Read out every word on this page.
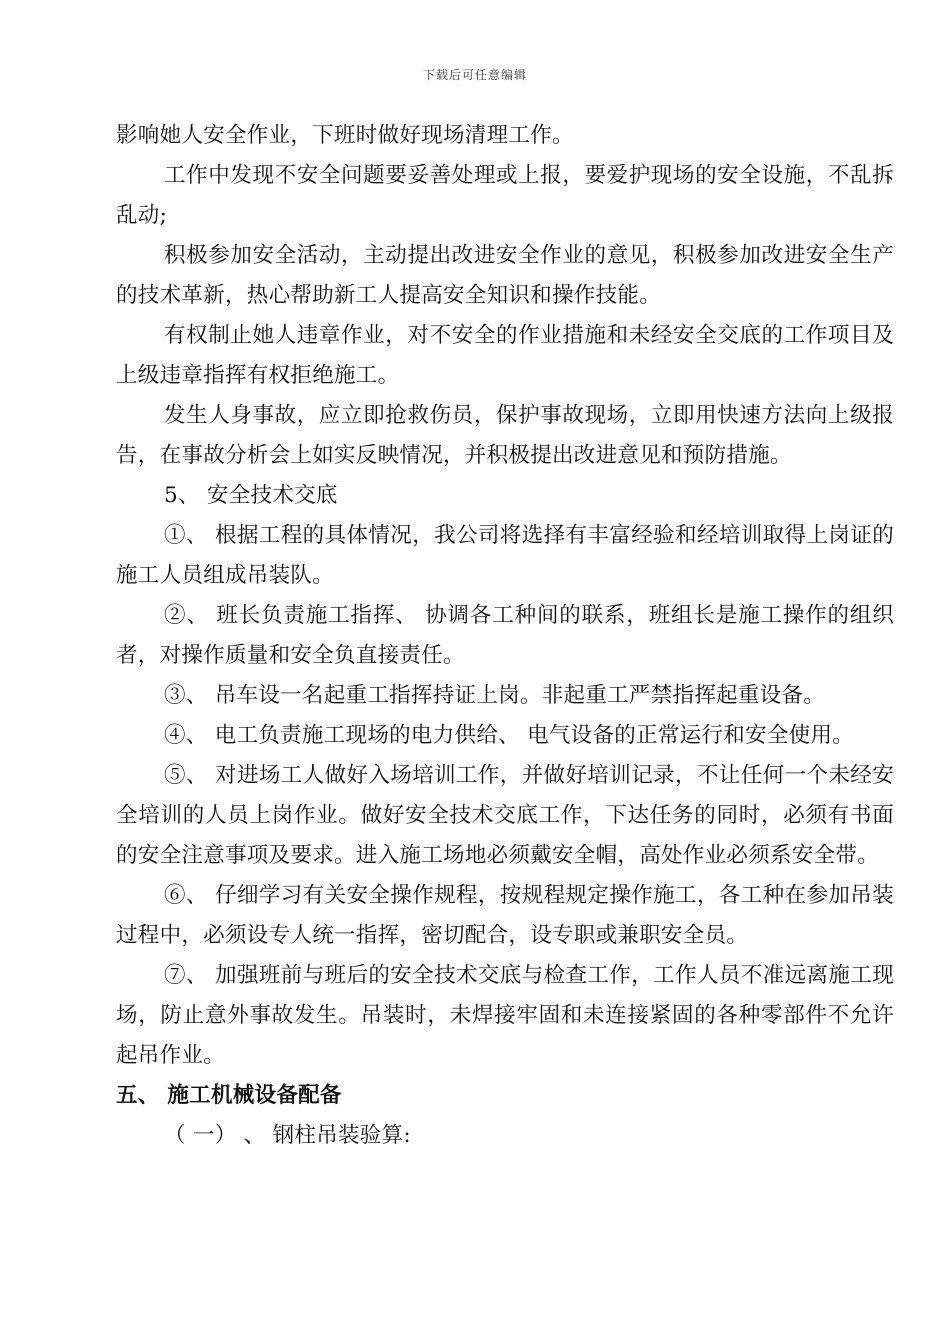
下载后可任意编辑

影响她人安全作业，下班时做好现场清理工作。

工作中发现不安全问题要妥善处理或上报，要爱护现场的安全设施，不乱拆乱动;

积极参加安全活动，主动提出改进安全作业的意见，积极参加改进安全生产的技术革新，热心帮助新工人提高安全知识和操作技能。

有权制止她人违章作业，对不安全的作业措施和未经安全交底的工作项目及上级违章指挥有权拒绝施工。

发生人身事故，应立即抢救伤员，保护事故现场，立即用快速方法向上级报告，在事故分析会上如实反映情况，并积极提出改进意见和预防措施。

5、 安全技术交底

①、 根据工程的具体情况，我公司将选择有丰富经验和经培训取得上岗证的施工人员组成吊装队。

②、 班长负责施工指挥、 协调各工种间的联系，班组长是施工操作的组织者，对操作质量和安全负直接责任。

③、 吊车设一名起重工指挥持证上岗。非起重工严禁指挥起重设备。

④、 电工负责施工现场的电力供给、 电气设备的正常运行和安全使用。

⑤、 对进场工人做好入场培训工作，并做好培训记录，不让任何一个未经安全培训的人员上岗作业。做好安全技术交底工作，下达任务的同时，必须有书面的安全注意事项及要求。进入施工场地必须戴安全帽，高处作业必须系安全带。

⑥、 仔细学习有关安全操作规程，按规程规定操作施工，各工种在参加吊装过程中，必须设专人统一指挥，密切配合，设专职或兼职安全员。

⑦、 加强班前与班后的安全技术交底与检查工作，工作人员不准远离施工现场，防止意外事故发生。吊装时，未焊接牢固和未连接紧固的各种零部件不允许起吊作业。

五、 施工机械设备配备

（ 一） 、 钢柱吊装验算:
